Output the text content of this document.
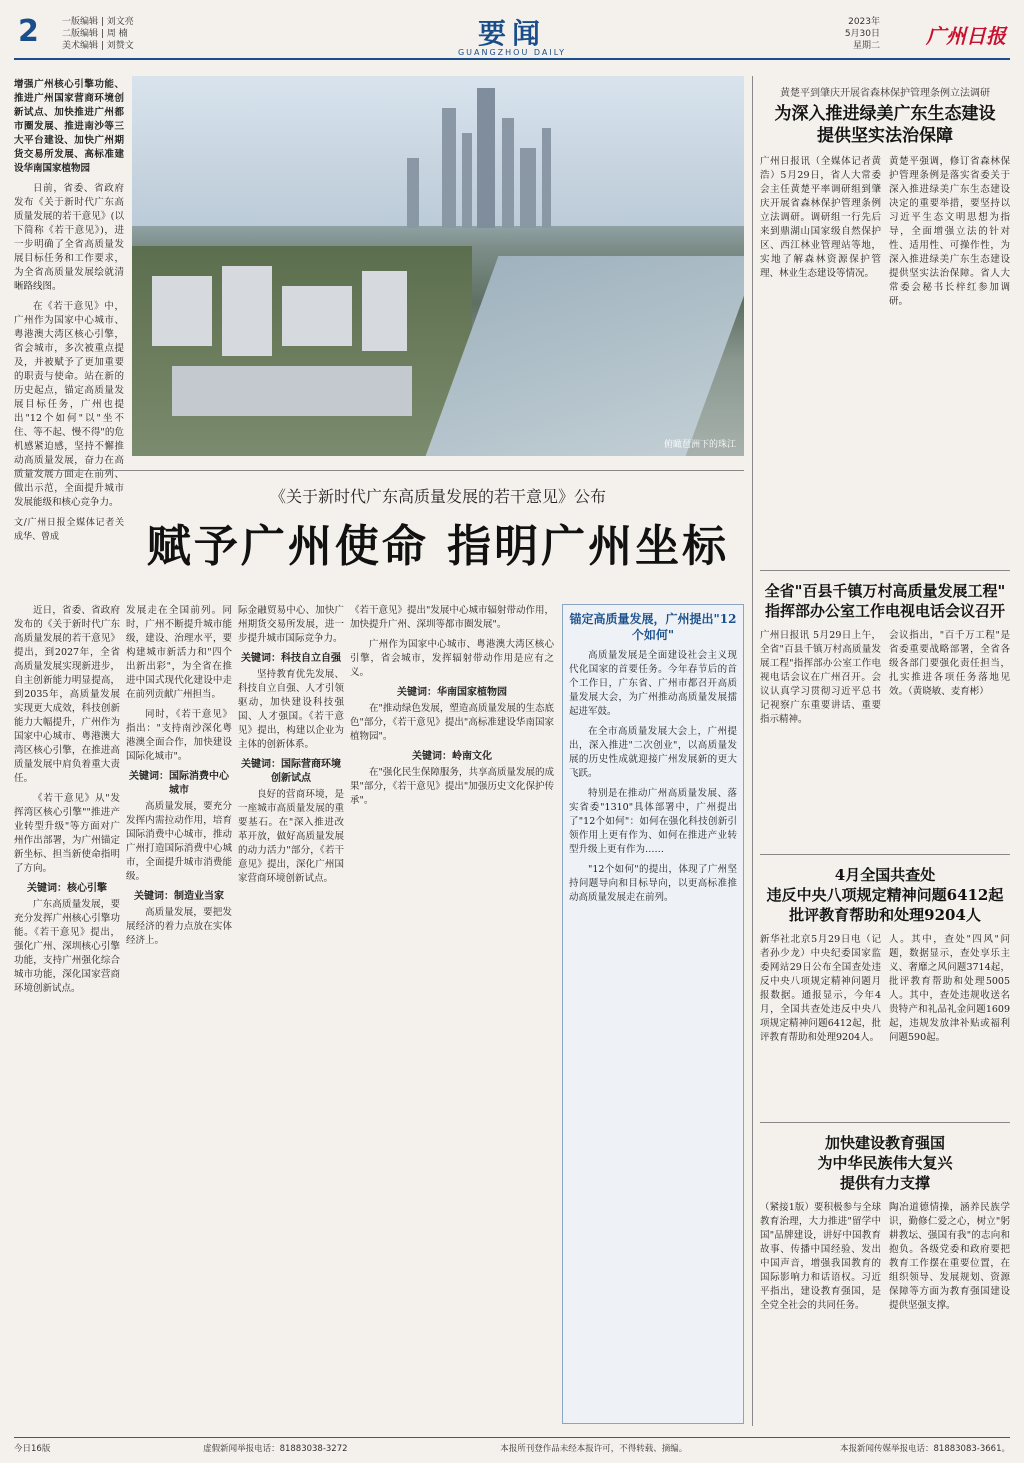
2	一版编辑 | 刘文亮
二版编辑 | 周 楠
美术编辑 | 刘赞文	要闻
GUANGZHOU DAILY
2023年
5月30日
星期二 广州日报

增强广州核心引擎功能、推进广州国家营商环境创新试点、加快推进广州都市圈发展、推进南沙等三大平台建设、加快广州期货交易所发展、高标准建设华南国家植物园

日前，省委、省政府发布《关于新时代广东高质量发展的若干意见》(以下简称《若干意见》)，进一步明确了全省高质量发展目标任务和工作要求，为全省高质量发展绘就清晰路线图。

在《若干意见》中，广州作为国家中心城市、粤港澳大湾区核心引擎，省会城市，多次被重点提及，并被赋予了更加重要的职责与使命。站在新的历史起点，锚定高质量发展目标任务，广州也提出"12个如何"以"坐不住、等不起、慢不得"的危机感紧迫感，坚持不懈推动高质量发展，奋力在高质量发展方面走在前列、做出示范，全面提升城市发展能级和核心竞争力。

文/广州日报全媒体记者关成华、曾成

俯瞰琶洲下的珠江
《关于新时代广东高质量发展的若干意见》公布
赋予广州使命 指明广州坐标

近日，省委、省政府发布的《关于新时代广东高质量发展的若干意见》提出，到2027年，全省高质量发展实现新进步，自主创新能力明显提高，到2035年，高质量发展实现更大成效，科技创新能力大幅提升，广州作为国家中心城市、粤港澳大湾区核心引擎，在推进高质量发展中肩负着重大责任。

《若干意见》从"发挥湾区核心引擎""推进产业转型升级"等方面对广州作出部署，为广州锚定新坐标、担当新使命指明了方向。

关键词：核心引擎

广东高质量发展，要充分发挥广州核心引擎功能。《若干意见》提出，强化广州、深圳核心引擎功能，支持广州强化综合城市功能，深化国家营商环境创新试点。

发展走在全国前列。同时，广州不断提升城市能级，建设、治理水平，要构建城市新活力和"四个出新出彩"，为全省在推进中国式现代化建设中走在前列贡献广州担当。

同时，《若干意见》指出："支持南沙深化粤港澳全面合作，加快建设国际化城市"。

关键词：国际消费中心城市

高质量发展，要充分发挥内需拉动作用，培育国际消费中心城市，推动广州打造国际消费中心城市，全面提升城市消费能级。

关键词：制造业当家

高质量发展，要把发展经济的着力点放在实体经济上。

际金融贸易中心、加快广州期货交易所发展，进一步提升城市国际竞争力。

关键词：科技自立自强

坚持教育优先发展、科技自立自强、人才引领驱动，加快建设科技强国、人才强国。《若干意见》提出，构建以企业为主体的创新体系。

关键词：国际营商环境创新试点

良好的营商环境，是一座城市高质量发展的重要基石。在"深入推进改革开放，做好高质量发展的动力活力"部分，《若干意见》提出，深化广州国家营商环境创新试点。

《若干意见》提出"发展中心城市辐射带动作用，加快提升广州、深圳等都市圈发展"。

广州作为国家中心城市、粤港澳大湾区核心引擎，省会城市，发挥辐射带动作用是应有之义。

关键词：华南国家植物园

在"推动绿色发展，塑造高质量发展的生态底色"部分，《若干意见》提出"高标准建设华南国家植物园"。

关键词：岭南文化

在"强化民生保障服务，共享高质量发展的成果"部分，《若干意见》提出"加强历史文化保护传承"。

锚定高质量发展，广州提出"12个如何"

高质量发展是全面建设社会主义现代化国家的首要任务。今年春节后的首个工作日，广东省、广州市都召开高质量发展大会，为广州推动高质量发展擂起进军鼓。

在全市高质量发展大会上，广州提出，深入推进"二次创业"，以高质量发展的历史性成就迎接广州发展新的更大飞跃。

特别是在推动广州高质量发展、落实省委"1310"具体部署中，广州提出了"12个如何"：如何在强化科技创新引领作用上更有作为、如何在推进产业转型升级上更有作为……

"12个如何"的提出，体现了广州坚持问题导向和目标导向，以更高标准推动高质量发展走在前列。

黄楚平到肇庆开展省森林保护管理条例立法调研
为深入推进绿美广东生态建设
提供坚实法治保障
广州日报讯（全媒体记者黄 浩）5月29日，省人大常委会主任黄楚平率调研组到肇庆开展省森林保护管理条例立法调研。调研组一行先后来到鼎湖山国家级自然保护区、西江林业管理站等地，实地了解森林资源保护管理、林业生态建设等情况。
黄楚平强调，修订省森林保护管理条例是落实省委关于深入推进绿美广东生态建设决定的重要举措，要坚持以习近平生态文明思想为指导，全面增强立法的针对性、适用性、可操作性，为深入推进绿美广东生态建设提供坚实法治保障。省人大常委会秘书长梓红参加调研。
全省"百县千镇万村高质量发展工程"
指挥部办公室工作电视电话会议召开
广州日报讯 5月29日上午，全省"百县千镇万村高质量发展工程"指挥部办公室工作电视电话会议在广州召开。会议认真学习贯彻习近平总书记视察广东重要讲话、重要指示精神。
会议指出，"百千万工程"是省委重要战略部署，全省各级各部门要强化责任担当，扎实推进各项任务落地见效。（黄晓敏、麦育彬）
4月全国共查处
违反中央八项规定精神问题6412起
批评教育帮助和处理9204人
新华社北京5月29日电（记者孙少龙）中央纪委国家监委网站29日公布全国查处违反中央八项规定精神问题月报数据。通报显示，今年4月，全国共查处违反中央八项规定精神问题6412起，批评教育帮助和处理9204人。
人。其中，查处"四风"问题，数据显示，查处享乐主义、奢靡之风问题3714起，批评教育帮助和处理5005人。其中，查处违规收送名贵特产和礼品礼金问题1609起，违规发放津补贴或福利问题590起。
加快建设教育强国
为中华民族伟大复兴
提供有力支撑
（紧接1版）要积极参与全球教育治理，大力推进"留学中国"品牌建设，讲好中国教育故事、传播中国经验、发出中国声音，增强我国教育的国际影响力和话语权。习近平指出，建设教育强国，是全党全社会的共同任务。
陶冶道德情操，涵养民族学识，勤修仁爱之心，树立"躬耕教坛、强国有我"的志向和抱负。各级党委和政府要把教育工作摆在重要位置，在组织领导、发展规划、资源保障等方面为教育强国建设提供坚强支撑。
今日16版	虚假新闻举报电话：81883038-3272	本报所刊登作品未经本报许可，不得转载、摘编。	本报新闻传媒举报电话：81883083-3661。
